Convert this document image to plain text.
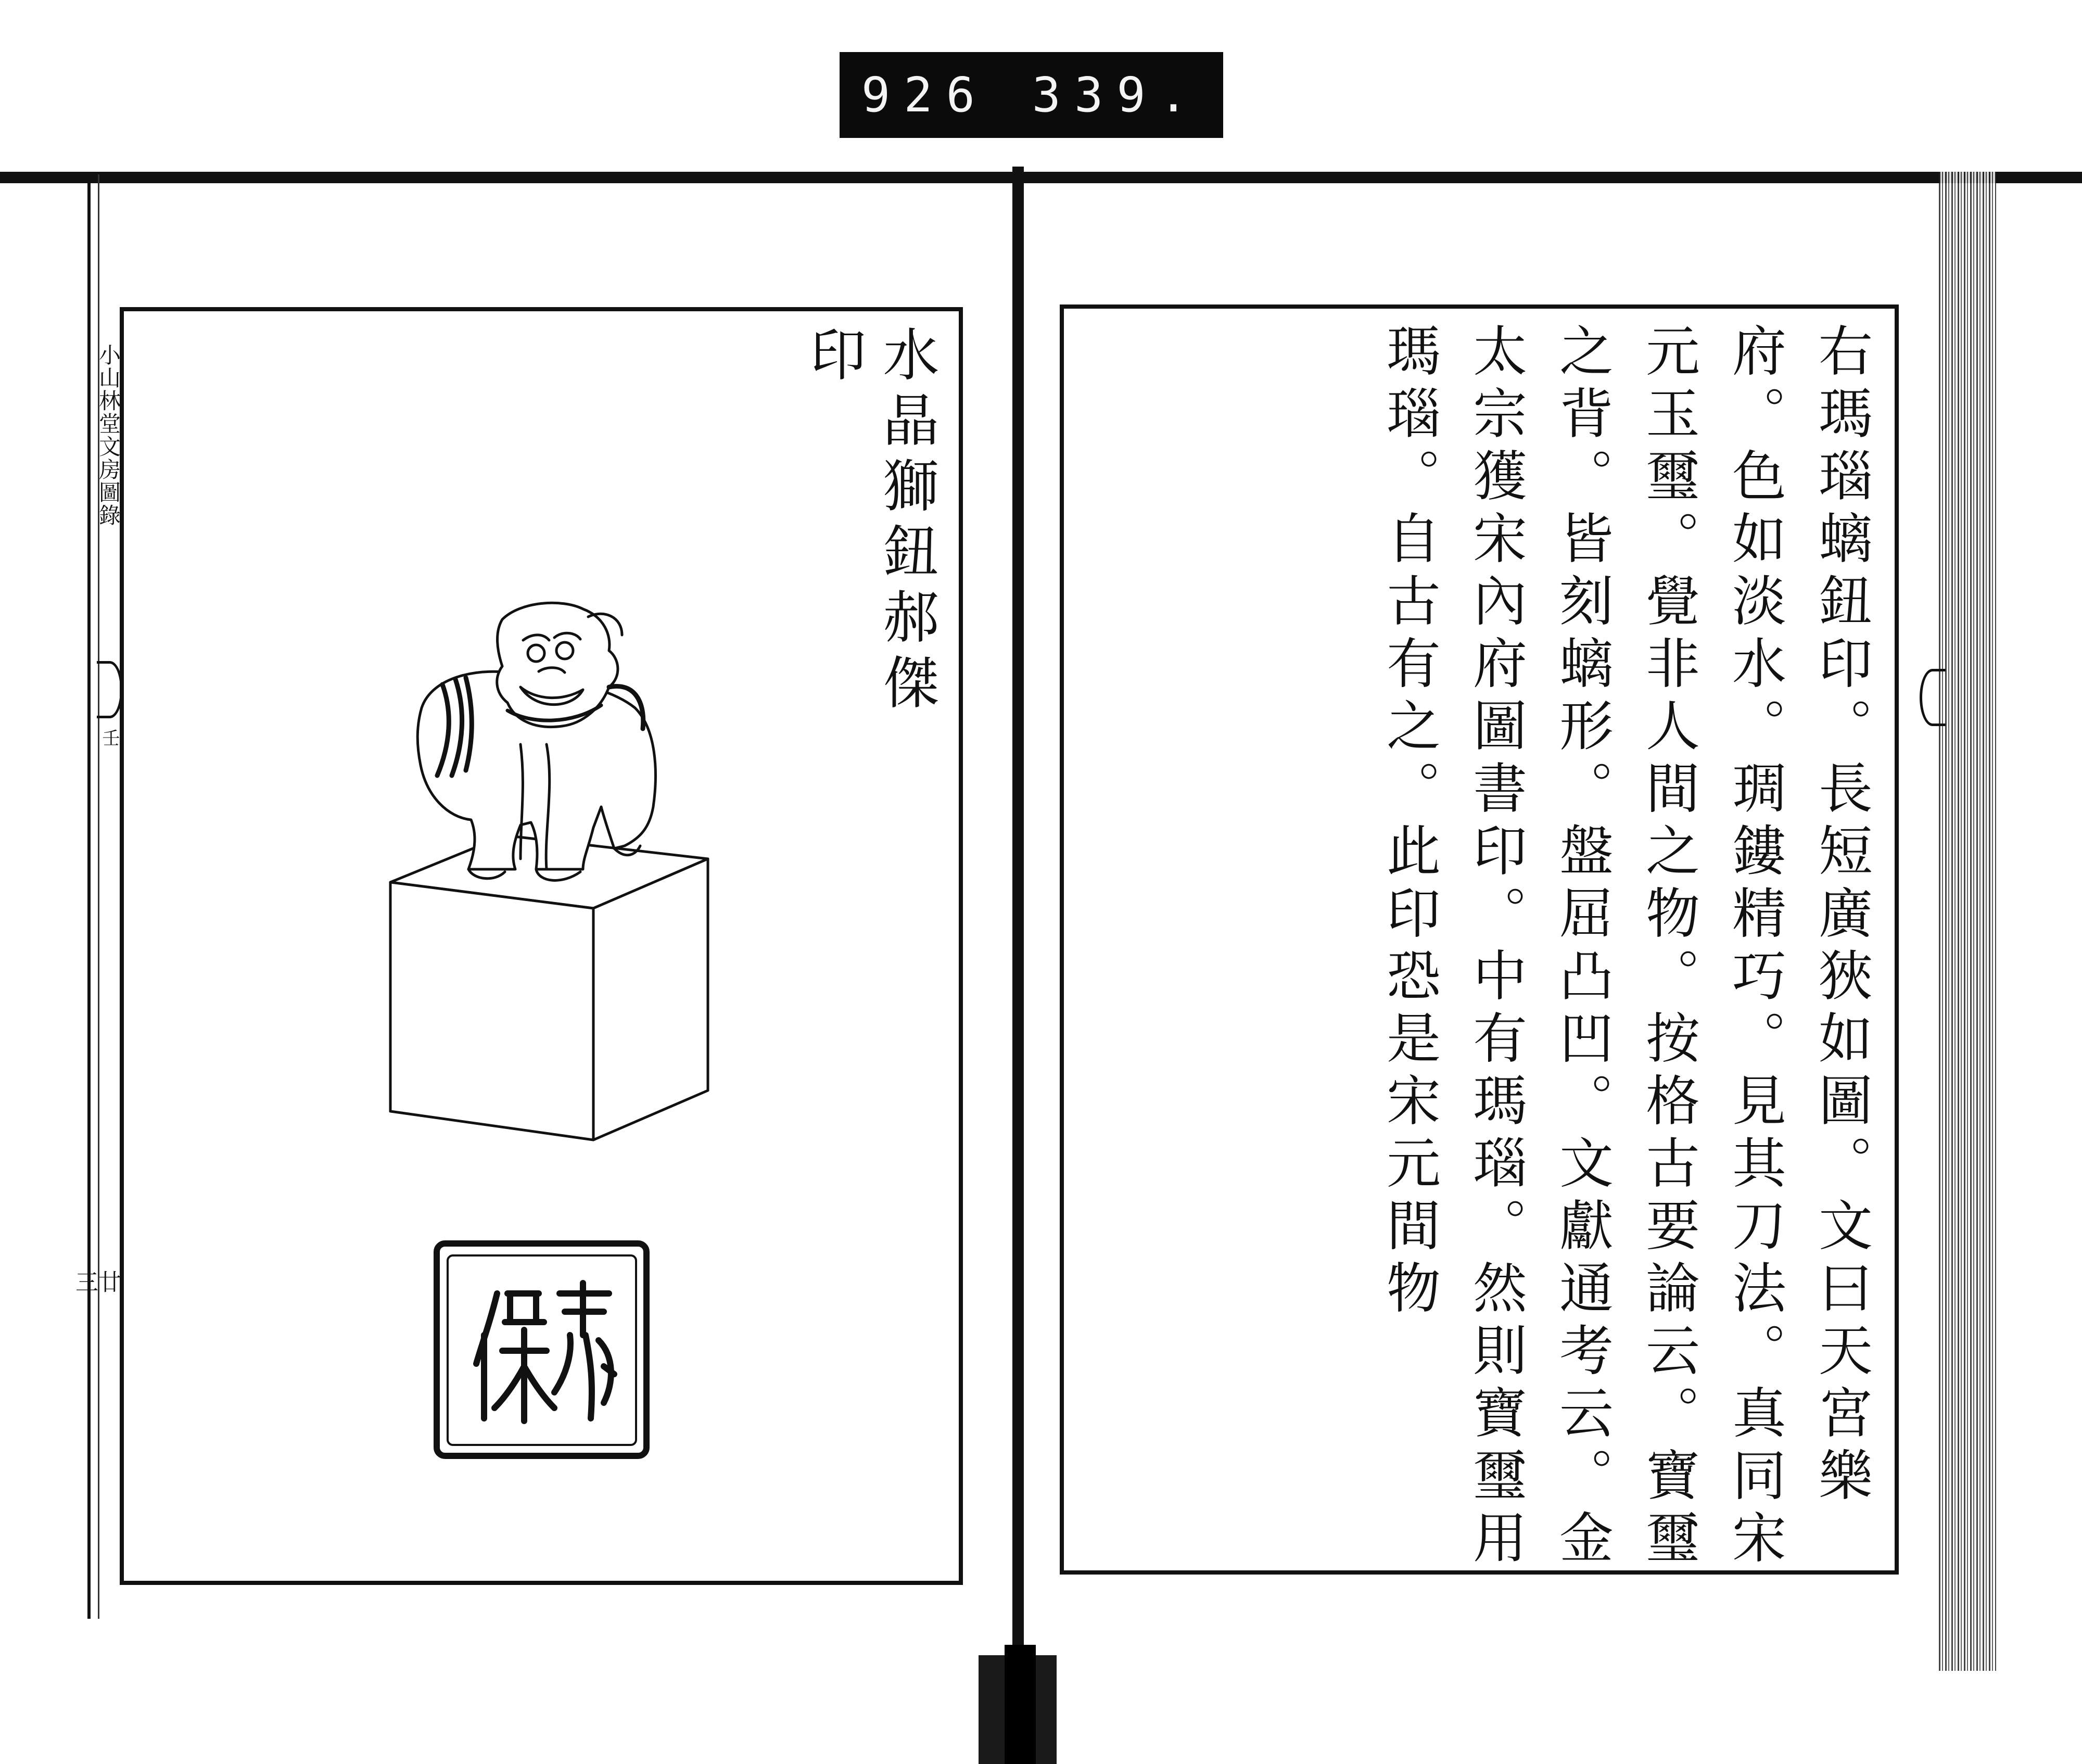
926 339.
小山林堂文房圖錄
壬
廿三
水晶獅鈕郝傑印	右瑪瑙螭鈕印。長短廣狹如圖。文曰天宮樂府。色如淡水。琱鏤精巧。見其刀法。真同宋元玉璽。覺非人間之物。按格古要論云。寶璽之背。皆刻螭形。盤屈凸凹。文獻通考云。金太宗獲宋內府圖書印。中有瑪瑙。然則寶璽用瑪瑙。自古有之。此印恐是宋元間物
